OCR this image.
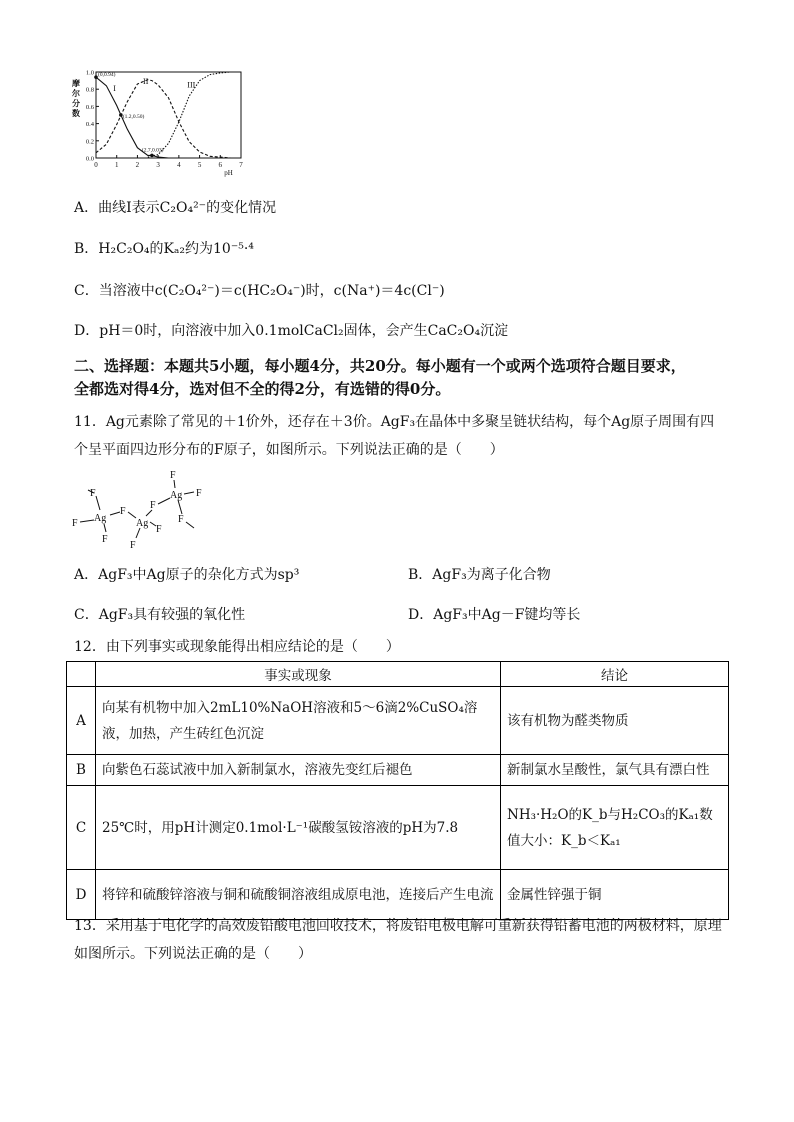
0.0
0.2
0.4
0.6
0.8
1.0
0 1 2 3 4 5 6 7
pH
摩
尔
分
数
I
II	III
(0,0.94)
(1.2,0.50)
(2.7,0.03)
A．曲线Ⅰ表示C₂O₄²⁻的变化情况
B．H₂C₂O₄的Kₐ₂约为10⁻⁵·⁴
C．当溶液中c(C₂O₄²⁻)＝c(HC₂O₄⁻)时，c(Na⁺)＝4c(Cl⁻)
D．pH＝0时，向溶液中加入0.1molCaCl₂固体，会产生CaC₂O₄沉淀
二、选择题：本题共5小题，每小题4分，共20分。每小题有一个或两个选项符合题目要求，
全都选对得4分，选对但不全的得2分，有选错的得0分。
11．Ag元素除了常见的＋1价外，还存在＋3价。AgF₃在晶体中多聚呈链状结构，每个Ag原子周围有四
个呈平面四边形分布的F原子，如图所示。下列说法正确的是（　　）
F
F Ag
F
F
Ag
F
F
F
Ag
F
F
F
A．AgF₃中Ag原子的杂化方式为sp³	B．AgF₃为离子化合物
C．AgF₃具有较强的氧化性	D．AgF₃中Ag－F键均等长
12．由下列事实或现象能得出相应结论的是（　　）
	事实或现象	结论
A	向某有机物中加入2mL10%NaOH溶液和5～6滴2%CuSO₄溶液，加热，产生砖红色沉淀	该有机物为醛类物质
B	向紫色石蕊试液中加入新制氯水，溶液先变红后褪色	新制氯水呈酸性，氯气具有漂白性
C	25℃时，用pH计测定0.1mol·L⁻¹碳酸氢铵溶液的pH为7.8	NH₃·H₂O的K_b与H₂CO₃的Kₐ₁数值大小：K_b＜Kₐ₁
D	将锌和硫酸锌溶液与铜和硫酸铜溶液组成原电池，连接后产生电流	金属性锌强于铜
13．采用基于电化学的高效废铅酸电池回收技术，将废铅电极电解可重新获得铅蓄电池的两极材料，原理
如图所示。下列说法正确的是（　　）
